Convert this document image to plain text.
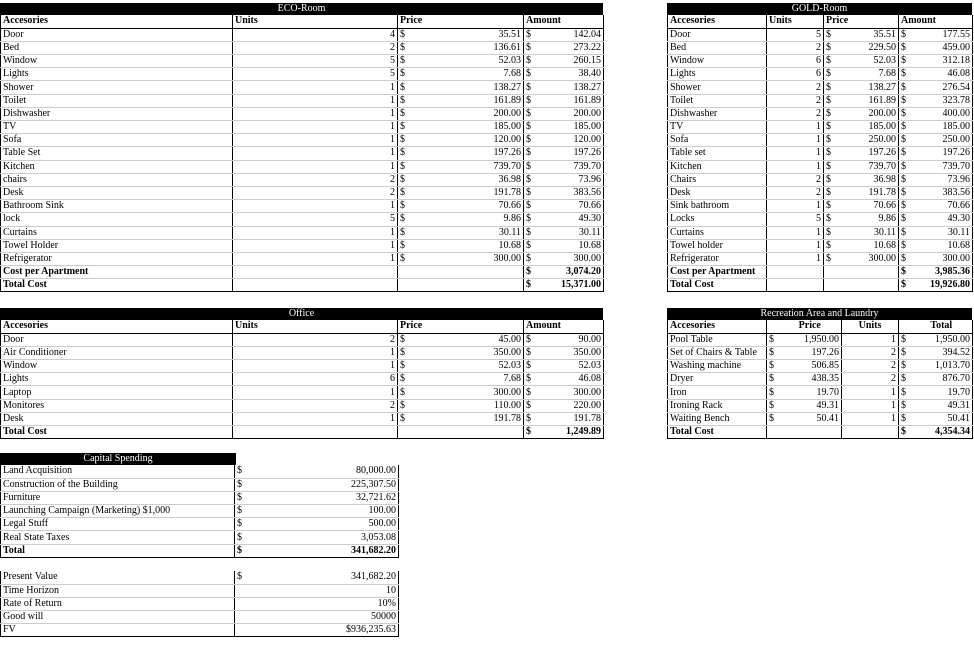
ECO-Room
Accesories	Units	Price		Amount	
Door	4	$	35.51	$	142.04
Bed	2	$	136.61	$	273.22
Window	5	$	52.03	$	260.15
Lights	5	$	7.68	$	38.40
Shower	1	$	138.27	$	138.27
Toilet	1	$	161.89	$	161.89
Dishwasher	1	$	200.00	$	200.00
TV	1	$	185.00	$	185.00
Sofa	1	$	120.00	$	120.00
Table Set	1	$	197.26	$	197.26
Kitchen	1	$	739.70	$	739.70
chairs	2	$	36.98	$	73.96
Desk	2	$	191.78	$	383.56
Bathroom Sink	1	$	70.66	$	70.66
lock	5	$	9.86	$	49.30
Curtains	1	$	30.11	$	30.11
Towel Holder	1	$	10.68	$	10.68
Refrigerator	1	$	300.00	$	300.00
Cost per Apartment				$	3,074.20
Total Cost				$	15,371.00
GOLD-Room
Accesories	Units	Price		Amount	
Door	5	$	35.51	$	177.55
Bed	2	$	229.50	$	459.00
Window	6	$	52.03	$	312.18
Lights	6	$	7.68	$	46.08
Shower	2	$	138.27	$	276.54
Toilet	2	$	161.89	$	323.78
Dishwasher	2	$	200.00	$	400.00
TV	1	$	185.00	$	185.00
Sofa	1	$	250.00	$	250.00
Table set	1	$	197.26	$	197.26
Kitchen	1	$	739.70	$	739.70
Chairs	2	$	36.98	$	73.96
Desk	2	$	191.78	$	383.56
Sink bathroom	1	$	70.66	$	70.66
Locks	5	$	9.86	$	49.30
Curtains	1	$	30.11	$	30.11
Towel holder	1	$	10.68	$	10.68
Refrigerator	1	$	300.00	$	300.00
Cost per Apartment				$	3,985.36
Total Cost				$	19,926.80
Office
Accesories	Units	Price		Amount	
Door	2	$	45.00	$	90.00
Air Conditioner	1	$	350.00	$	350.00
Window	1	$	52.03	$	52.03
Lights	6	$	7.68	$	46.08
Laptop	1	$	300.00	$	300.00
Monitores	2	$	110.00	$	220.00
Desk	1	$	191.78	$	191.78
Total Cost				$	1,249.89
Recreation Area and Laundry
Accesories		Price	Units		Total
Pool Table	$	1,950.00	1	$	1,950.00
Set of Chairs & Table	$	197.26	2	$	394.52
Washing machine	$	506.85	2	$	1,013.70
Dryer	$	438.35	2	$	876.70
Iron	$	19.70	1	$	19.70
Ironing Rack	$	49.31	1	$	49.31
Waiting Bench	$	50.41	1	$	50.41
Total Cost				$	4,354.34
Capital Spending
Land Acquisition	$	80,000.00
Construction of the Building	$	225,307.50
Furniture	$	32,721.62
Launching Campaign (Marketing) $1,000	$	100.00
Legal Stuff	$	500.00
Real State Taxes	$	3,053.08
Total	$	341,682.20
Present Value	$	341,682.20
Time Horizon		10
Rate of Return		10%
Good will		50000
FV		$936,235.63
